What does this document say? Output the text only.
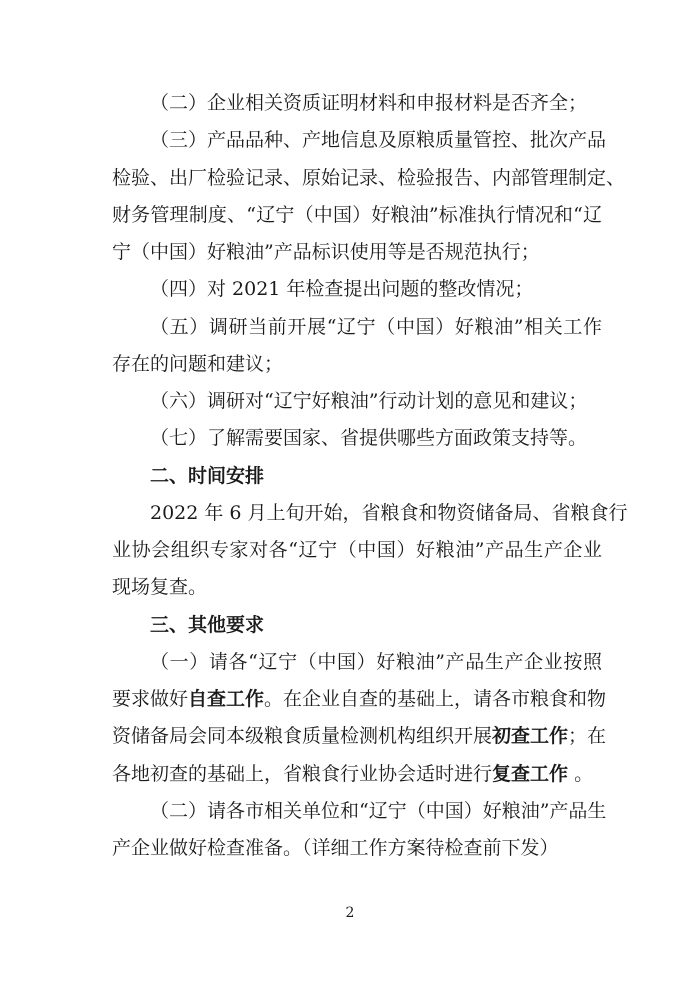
（二）企业相关资质证明材料和申报材料是否齐全；
（三）产品品种、产地信息及原粮质量管控、批次产品
检验、出厂检验记录、原始记录、检验报告、内部管理制定、
财务管理制度、“辽宁（中国）好粮油”标准执行情况和“辽
宁（中国）好粮油”产品标识使用等是否规范执行；
（四）对 2021 年检查提出问题的整改情况；
（五）调研当前开展“辽宁（中国）好粮油”相关工作
存在的问题和建议；
（六）调研对“辽宁好粮油”行动计划的意见和建议；
（七）了解需要国家、省提供哪些方面政策支持等。
二、时间安排
2022 年 6 月上旬开始，省粮食和物资储备局、省粮食行
业协会组织专家对各“辽宁（中国）好粮油”产品生产企业
现场复查。
三、其他要求
（一）请各“辽宁（中国）好粮油”产品生产企业按照
要求做好自查工作。在企业自查的基础上，请各市粮食和物
资储备局会同本级粮食质量检测机构组织开展初查工作；在
2
各地初查的基础上，省粮食行业协会适时进行复查工作 。
（二）请各市相关单位和“辽宁（中国）好粮油”产品生
产企业做好检查准备。（详细工作方案待检查前下发）
